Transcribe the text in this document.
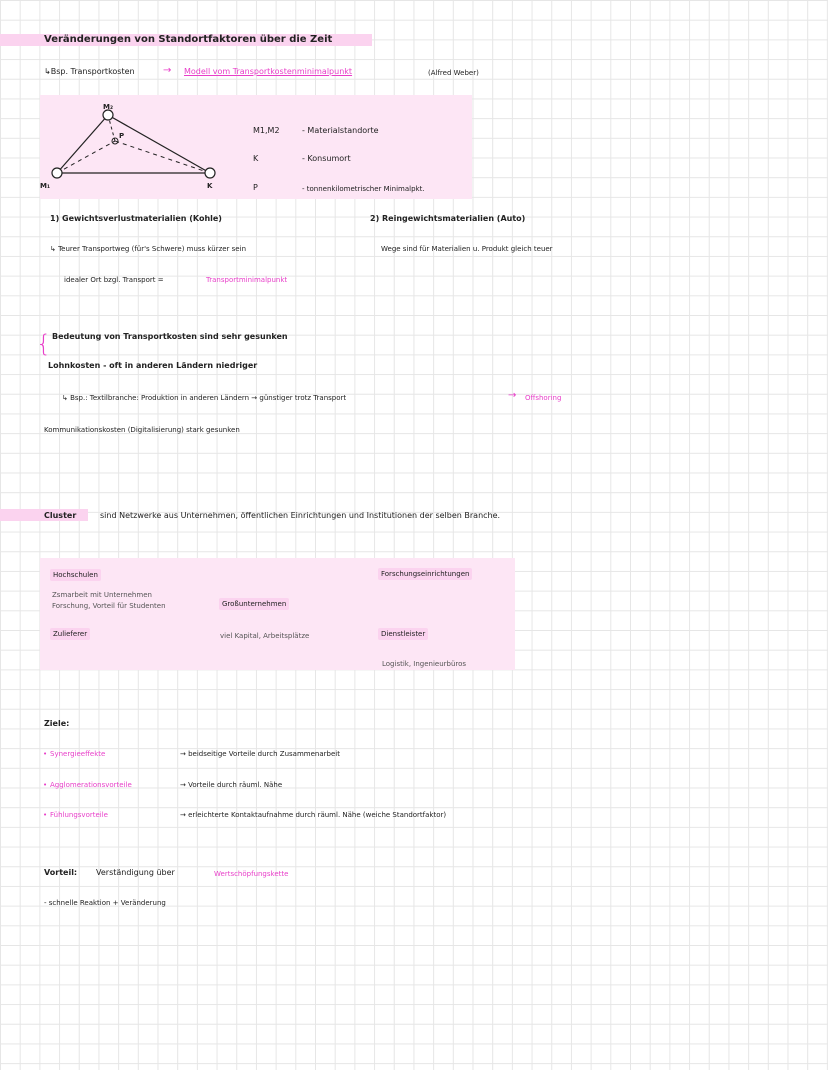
Veränderungen von Standortfaktoren über die Zeit
↳Bsp. Transportkosten	→ Modell vom Transportkostenminimalpunkt	(Alfred Weber)
M₂
M₁	K
P
M1,M2	- Materialstandorte
K	- Konsumort
P	- tonnenkilometrischer Minimalpkt.
1) Gewichtsverlustmaterialien (Kohle)
↳ Teurer Transportweg (für's Schwere) muss kürzer sein
idealer Ort bzgl. Transport =	Transportminimalpunkt
2) Reingewichtsmaterialien (Auto)
Wege sind für Materialien u. Produkt gleich teuer
{ Bedeutung von Transportkosten sind sehr gesunken
Lohnkosten - oft in anderen Ländern niedriger
↳ Bsp.: Textilbranche: Produktion in anderen Ländern → günstiger trotz Transport	→ Offshoring
Kommunikationskosten (Digitalisierung) stark gesunken
Cluster	sind Netzwerke aus Unternehmen, öffentlichen Einrichtungen und Institutionen der selben Branche.
Hochschulen
Zsmarbeit mit Unternehmen
Forschung, Vorteil für Studenten	Großunternehmen
viel Kapital, Arbeitsplätze
Zulieferer
Forschungseinrichtungen
Dienstleister
Logistik, Ingenieurbüros
Ziele:
• Synergieeffekte	→ beidseitige Vorteile durch Zusammenarbeit
• Agglomerationsvorteile	→ Vorteile durch räuml. Nähe
• Fühlungsvorteile	→ erleichterte Kontaktaufnahme durch räuml. Nähe (weiche Standortfaktor)
Vorteil: Verständigung über	Wertschöpfungskette
- schnelle Reaktion + Veränderung
